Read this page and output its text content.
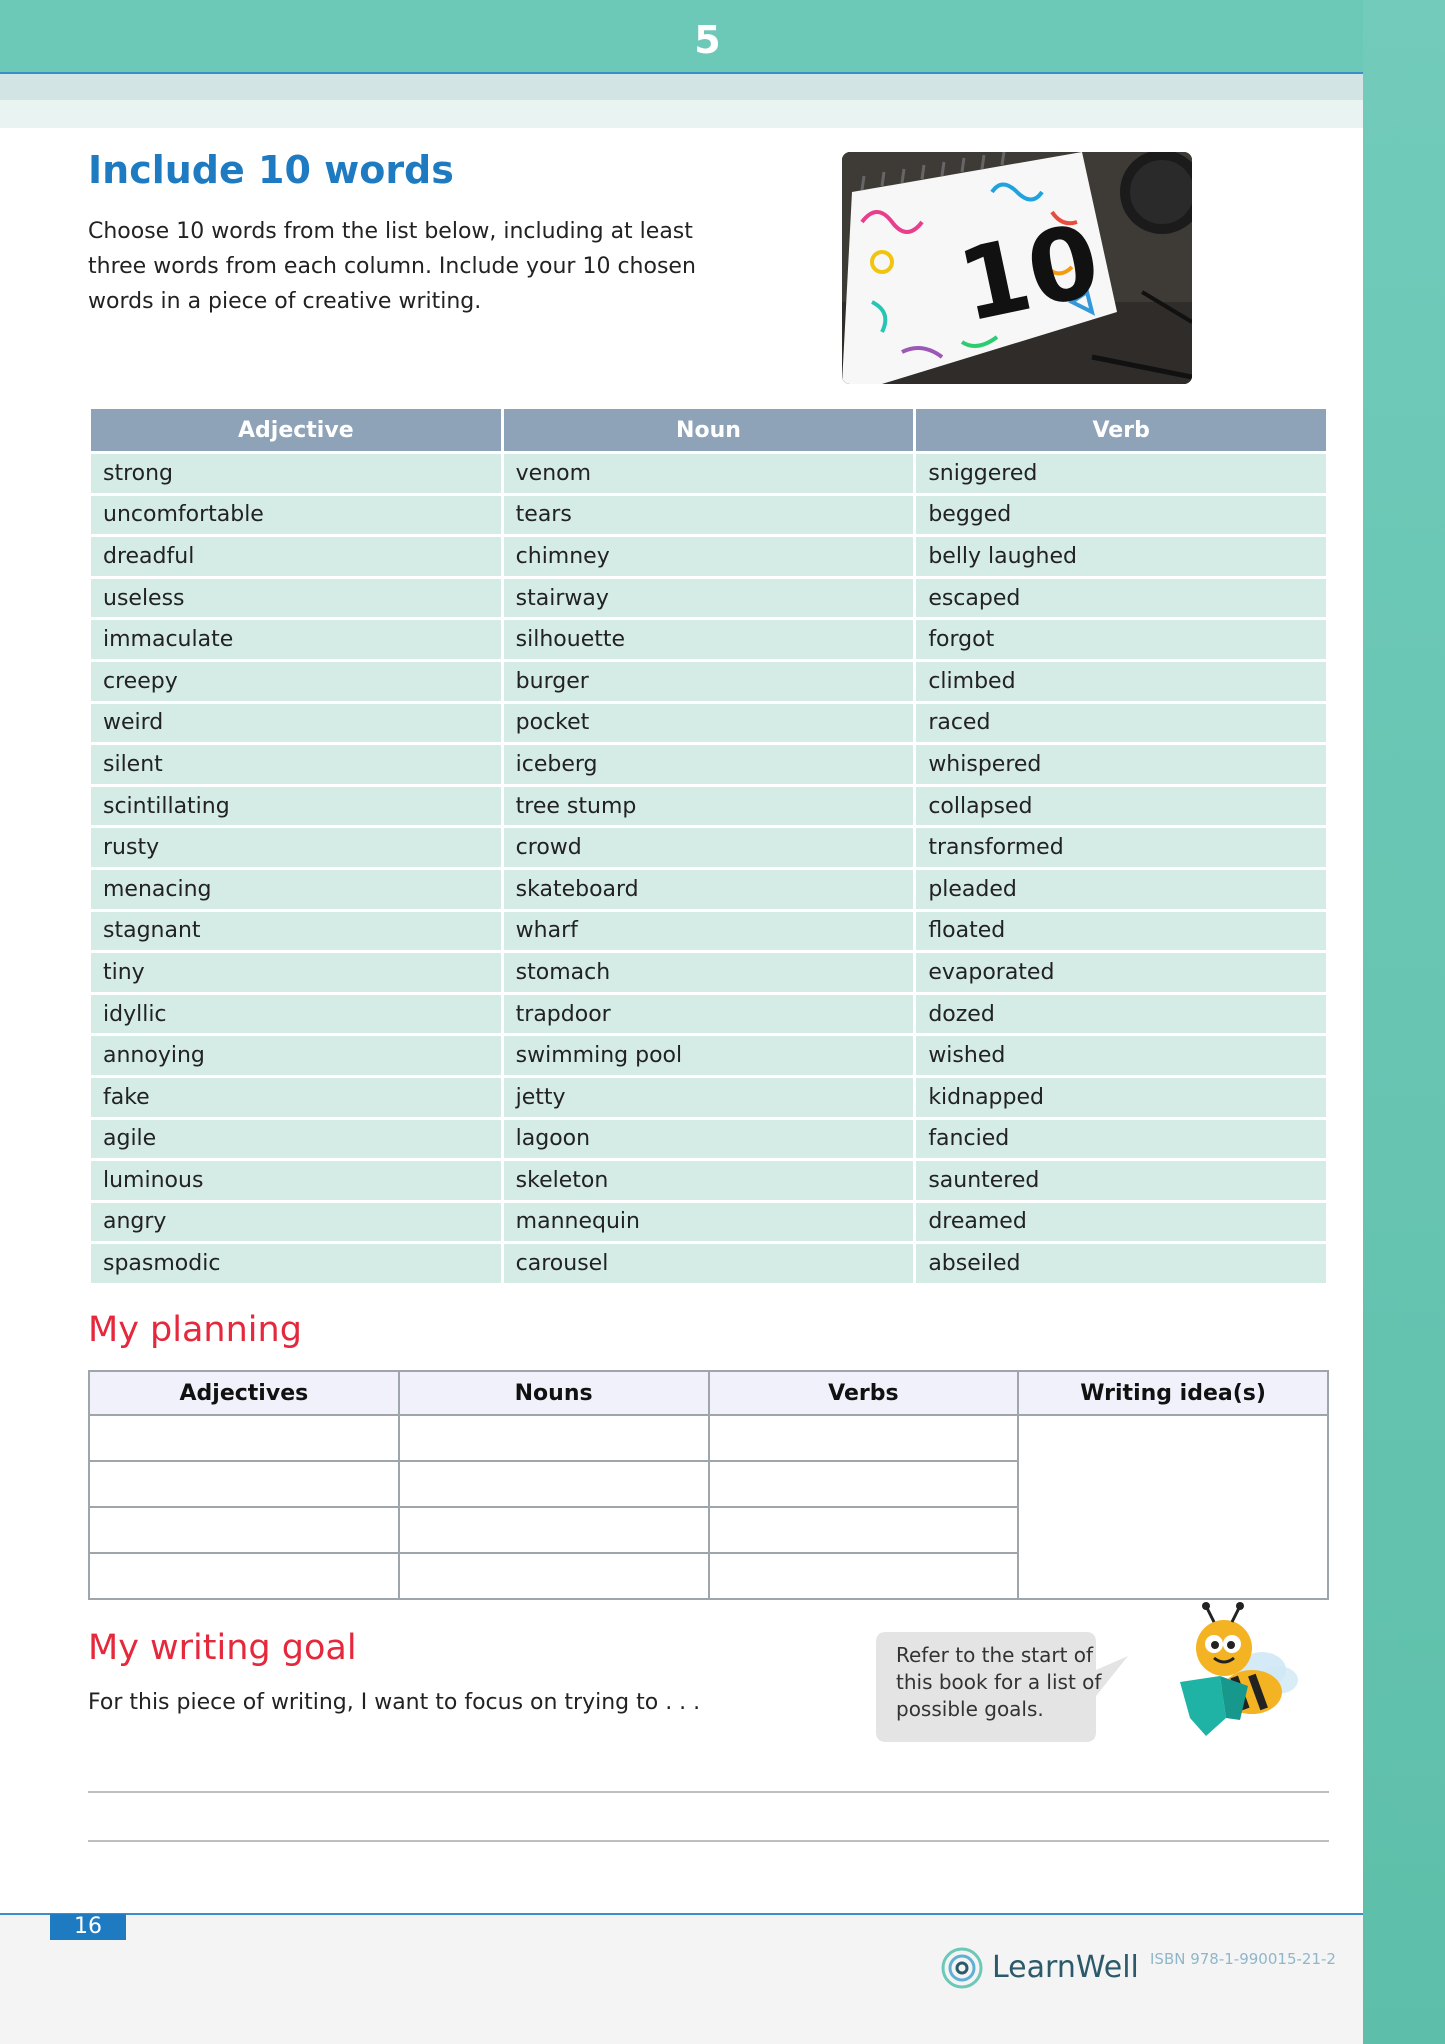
5
Include 10 words
Choose 10 words from the list below, including at least three words from each column. Include your 10 chosen words in a piece of creative writing.	10
Adjective	Noun	Verb
strong	venom	sniggered
uncomfortable	tears	begged
dreadful	chimney	belly laughed
useless	stairway	escaped
immaculate	silhouette	forgot
creepy	burger	climbed
weird	pocket	raced
silent	iceberg	whispered
scintillating	tree stump	collapsed
rusty	crowd	transformed
menacing	skateboard	pleaded
stagnant	wharf	floated
tiny	stomach	evaporated
idyllic	trapdoor	dozed
annoying	swimming pool	wished
fake	jetty	kidnapped
agile	lagoon	fancied
luminous	skeleton	sauntered
angry	mannequin	dreamed
spasmodic	carousel	abseiled
My planning
Adjectives	Nouns	Verbs	Writing idea(s)

My writing goal
For this piece of writing, I want to focus on trying to . . .
Refer to the start of this book for a list of possible goals.
16
LearnWell ISBN 978-1-990015-21-2
